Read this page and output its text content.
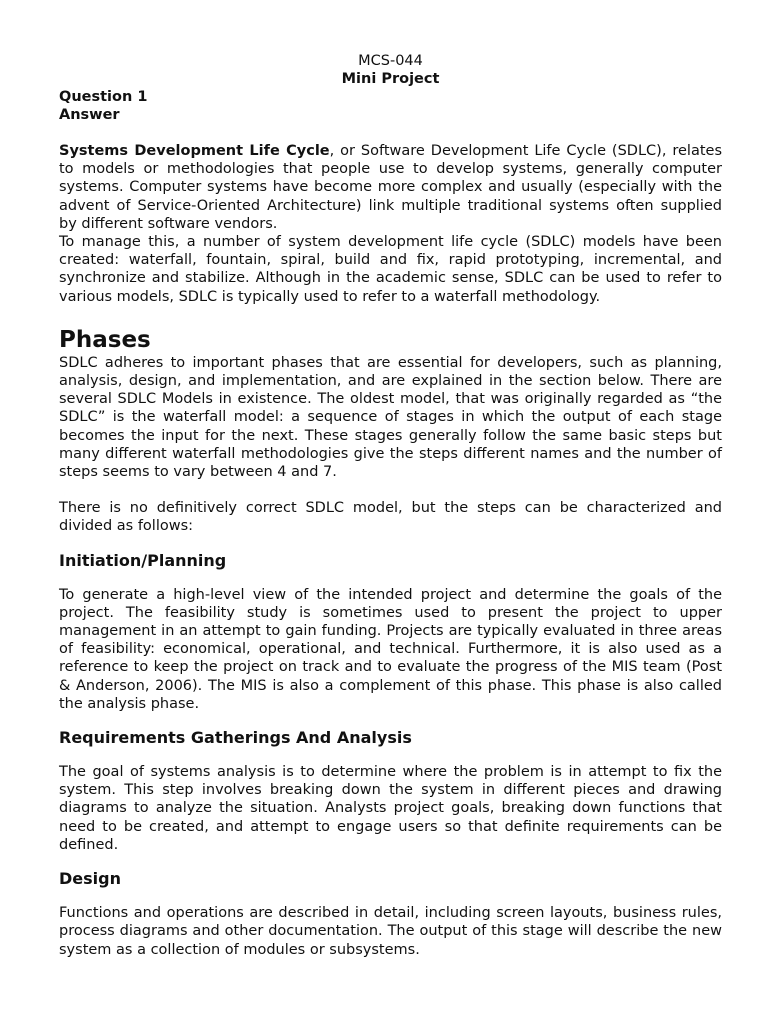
MCS-044
Mini Project
Question 1
Answer

Systems Development Life Cycle, or Software Development Life Cycle (SDLC), relates to models or methodologies that people use to develop systems, generally computer systems. Computer systems have become more complex and usually (especially with the advent of Service-Oriented Architecture) link multiple traditional systems often supplied by different software vendors.

To manage this, a number of system development life cycle (SDLC) models have been created: waterfall, fountain, spiral, build and fix, rapid prototyping, incremental, and synchronize and stabilize. Although in the academic sense, SDLC can be used to refer to various models, SDLC is typically used to refer to a waterfall methodology.

Phases

SDLC adheres to important phases that are essential for developers, such as planning, analysis, design, and implementation, and are explained in the section below. There are several SDLC Models in existence. The oldest model, that was originally regarded as “the SDLC” is the waterfall model: a sequence of stages in which the output of each stage becomes the input for the next. These stages generally follow the same basic steps but many different waterfall methodologies give the steps different names and the number of steps seems to vary between 4 and 7.

There is no definitively correct SDLC model, but the steps can be characterized and divided as follows:

Initiation/Planning

To generate a high-level view of the intended project and determine the goals of the project. The feasibility study is sometimes used to present the project to upper management in an attempt to gain funding. Projects are typically evaluated in three areas of feasibility: economical, operational, and technical. Furthermore, it is also used as a reference to keep the project on track and to evaluate the progress of the MIS team (Post & Anderson, 2006). The MIS is also a complement of this phase. This phase is also called the analysis phase.

Requirements Gatherings And Analysis

The goal of systems analysis is to determine where the problem is in attempt to fix the system. This step involves breaking down the system in different pieces and drawing diagrams to analyze the situation. Analysts project goals, breaking down functions that need to be created, and attempt to engage users so that definite requirements can be defined.

Design

Functions and operations are described in detail, including screen layouts, business rules, process diagrams and other documentation. The output of this stage will describe the new system as a collection of modules or subsystems.
